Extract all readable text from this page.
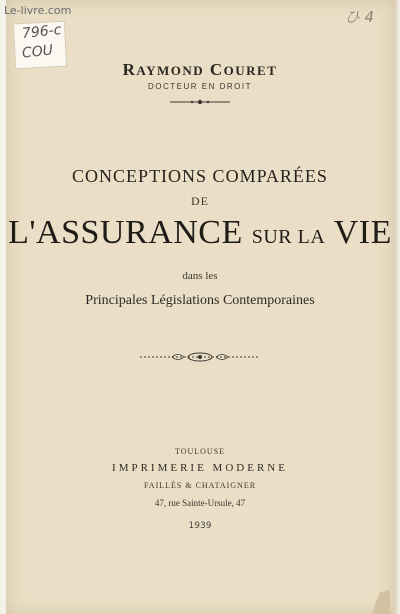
796-c
COU
ひ 4
RAYMOND COURET
DOCTEUR EN DROIT
CONCEPTIONS COMPARÉES
DE
L'ASSURANCE SUR LA VIE
dans les
Principales Législations Contemporaines
TOULOUSE
IMPRIMERIE MODERNE
FAILLÈS & CHATAIGNER
47, rue Sainte-Ursule, 47
1939
Le-livre.com
